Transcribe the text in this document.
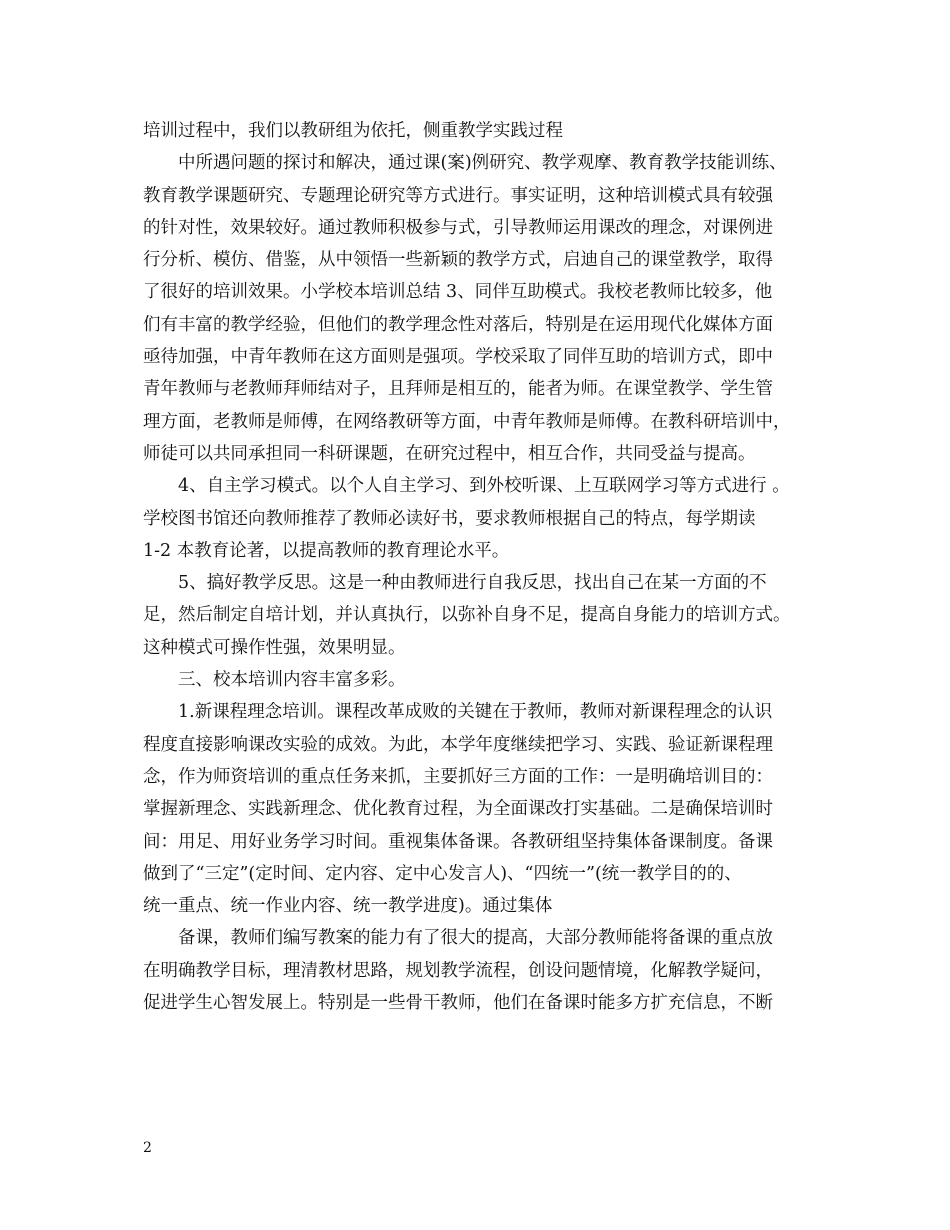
培训过程中，我们以教研组为依托，侧重教学实践过程

中所遇问题的探讨和解决，通过课(案)例研究、教学观摩、教育教学技能训练、

教育教学课题研究、专题理论研究等方式进行。事实证明，这种培训模式具有较强

的针对性，效果较好。通过教师积极参与式，引导教师运用课改的理念，对课例进

行分析、模仿、借鉴，从中领悟一些新颖的教学方式，启迪自己的课堂教学，取得

了很好的培训效果。小学校本培训总结 3、同伴互助模式。我校老教师比较多，他

们有丰富的教学经验，但他们的教学理念性对落后，特别是在运用现代化媒体方面

亟待加强，中青年教师在这方面则是强项。学校采取了同伴互助的培训方式，即中

青年教师与老教师拜师结对子，且拜师是相互的，能者为师。在课堂教学、学生管

理方面，老教师是师傅，在网络教研等方面，中青年教师是师傅。在教科研培训中，

师徒可以共同承担同一科研课题，在研究过程中，相互合作，共同受益与提高。

4、自主学习模式。以个人自主学习、到外校听课、上互联网学习等方式进行 。

学校图书馆还向教师推荐了教师必读好书，要求教师根据自己的特点，每学期读

1-2 本教育论著，以提高教师的教育理论水平。

5、搞好教学反思。这是一种由教师进行自我反思，找出自己在某一方面的不

足，然后制定自培计划，并认真执行，以弥补自身不足，提高自身能力的培训方式。

这种模式可操作性强，效果明显。

三、校本培训内容丰富多彩。

1.新课程理念培训。课程改革成败的关键在于教师，教师对新课程理念的认识

程度直接影响课改实验的成效。为此，本学年度继续把学习、实践、验证新课程理

念，作为师资培训的重点任务来抓，主要抓好三方面的工作：一是明确培训目的：

掌握新理念、实践新理念、优化教育过程，为全面课改打实基础。二是确保培训时

间：用足、用好业务学习时间。重视集体备课。各教研组坚持集体备课制度。备课

做到了“三定”(定时间、定内容、定中心发言人)、“四统一”(统一教学目的的、

统一重点、统一作业内容、统一教学进度)。通过集体

备课，教师们编写教案的能力有了很大的提高，大部分教师能将备课的重点放

在明确教学目标，理清教材思路，规划教学流程，创设问题情境，化解教学疑问，

促进学生心智发展上。特别是一些骨干教师，他们在备课时能多方扩充信息，不断

2
